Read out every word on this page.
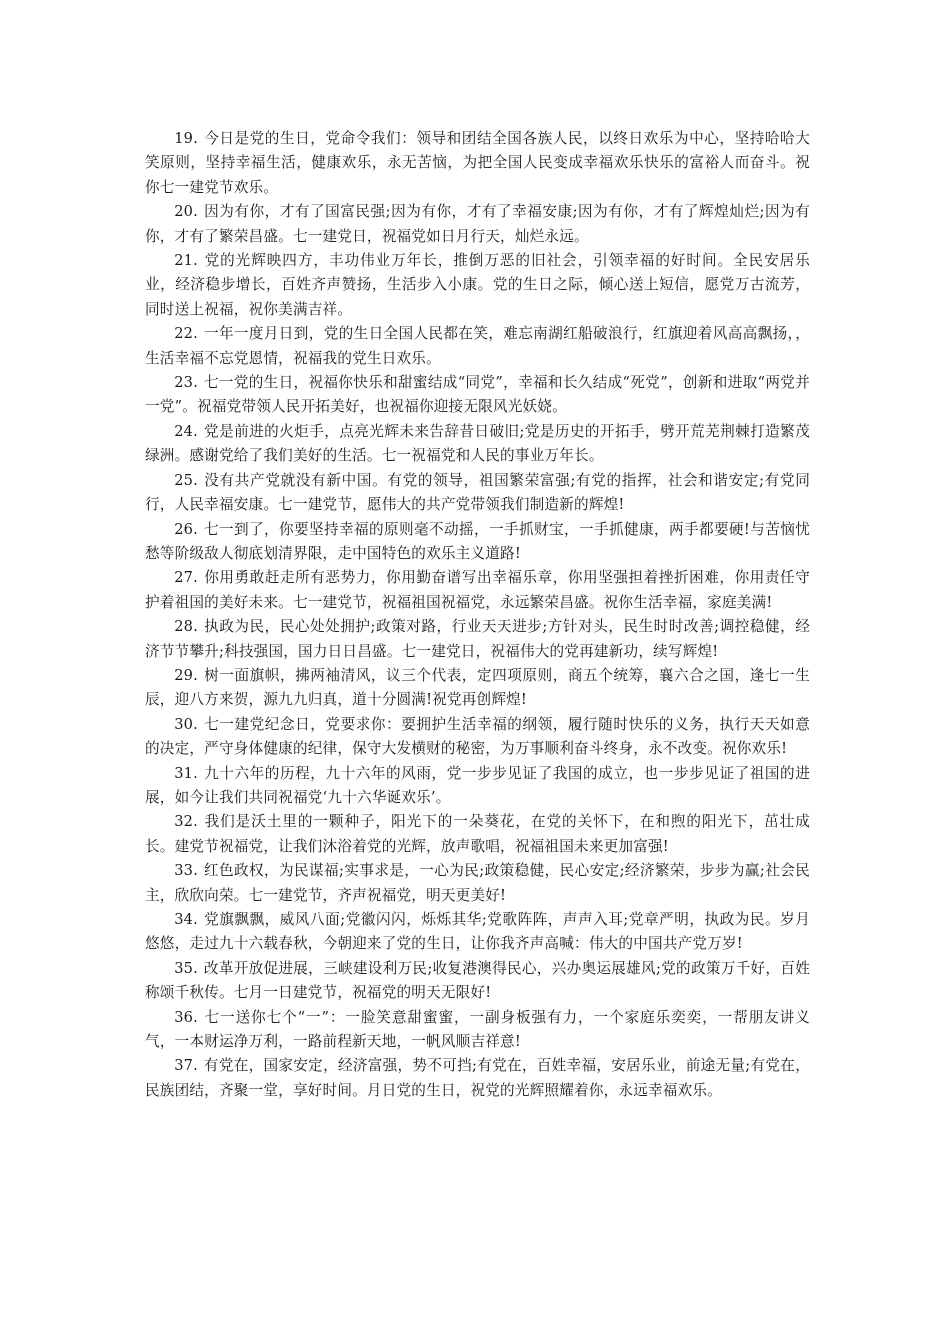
19. 今日是党的生日，党命令我们：领导和团结全国各族人民，以终日欢乐为中心，坚持哈哈大笑原则，坚持幸福生活，健康欢乐，永无苦恼，为把全国人民变成幸福欢乐快乐的富裕人而奋斗。祝你七一建党节欢乐。

20. 因为有你，才有了国富民强;因为有你，才有了幸福安康;因为有你，才有了辉煌灿烂;因为有你，才有了繁荣昌盛。七一建党日，祝福党如日月行天，灿烂永远。

21. 党的光辉映四方，丰功伟业万年长，推倒万恶的旧社会，引领幸福的好时间。全民安居乐业，经济稳步增长，百姓齐声赞扬，生活步入小康。党的生日之际，倾心送上短信，愿党万古流芳，同时送上祝福，祝你美满吉祥。

22. 一年一度月日到，党的生日全国人民都在笑，难忘南湖红船破浪行，红旗迎着风高高飘扬，，生活幸福不忘党恩情，祝福我的党生日欢乐。

23. 七一党的生日，祝福你快乐和甜蜜结成“同党”，幸福和长久结成“死党”，创新和进取“两党并一党”。祝福党带领人民开拓美好，也祝福你迎接无限风光妖娆。

24. 党是前进的火炬手，点亮光辉未来告辞昔日破旧;党是历史的开拓手，劈开荒芜荆棘打造繁茂绿洲。感谢党给了我们美好的生活。七一祝福党和人民的事业万年长。

25. 没有共产党就没有新中国。有党的领导，祖国繁荣富强;有党的指挥，社会和谐安定;有党同行，人民幸福安康。七一建党节，愿伟大的共产党带领我们制造新的辉煌!

26. 七一到了，你要坚持幸福的原则毫不动摇，一手抓财宝，一手抓健康，两手都要硬!与苦恼忧愁等阶级敌人彻底划清界限，走中国特色的欢乐主义道路!

27. 你用勇敢赶走所有恶势力，你用勤奋谱写出幸福乐章，你用坚强担着挫折困难，你用责任守护着祖国的美好未来。七一建党节，祝福祖国祝福党，永远繁荣昌盛。祝你生活幸福，家庭美满!

28. 执政为民，民心处处拥护;政策对路，行业天天进步;方针对头，民生时时改善;调控稳健，经济节节攀升;科技强国，国力日日昌盛。七一建党日，祝福伟大的党再建新功，续写辉煌!

29. 树一面旗帜，拂两袖清风，议三个代表，定四项原则，商五个统筹，襄六合之国，逢七一生辰，迎八方来贺，源九九归真，道十分圆满!祝党再创辉煌!

30. 七一建党纪念日，党要求你：要拥护生活幸福的纲领，履行随时快乐的义务，执行天天如意的决定，严守身体健康的纪律，保守大发横财的秘密，为万事顺利奋斗终身，永不改变。祝你欢乐!

31. 九十六年的历程，九十六年的风雨，党一步步见证了我国的成立，也一步步见证了祖国的进展，如今让我们共同祝福党‘九十六华诞欢乐’。

32. 我们是沃土里的一颗种子，阳光下的一朵葵花，在党的关怀下，在和煦的阳光下，茁壮成长。建党节祝福党，让我们沐浴着党的光辉，放声歌唱，祝福祖国未来更加富强!

33. 红色政权，为民谋福;实事求是，一心为民;政策稳健，民心安定;经济繁荣，步步为赢;社会民主，欣欣向荣。七一建党节，齐声祝福党，明天更美好!

34. 党旗飘飘，威风八面;党徽闪闪，烁烁其华;党歌阵阵，声声入耳;党章严明，执政为民。岁月悠悠，走过九十六载春秋，今朝迎来了党的生日，让你我齐声高喊：伟大的中国共产党万岁!

35. 改革开放促进展，三峡建设利万民;收复港澳得民心，兴办奥运展雄风;党的政策万千好，百姓称颂千秋传。七月一日建党节，祝福党的明天无限好!

36. 七一送你七个“一”：一脸笑意甜蜜蜜，一副身板强有力，一个家庭乐奕奕，一帮朋友讲义气，一本财运净万利，一路前程新天地，一帆风顺吉祥意!

37. 有党在，国家安定，经济富强，势不可挡;有党在，百姓幸福，安居乐业，前途无量;有党在，民族团结，齐聚一堂，享好时间。月日党的生日，祝党的光辉照耀着你，永远幸福欢乐。
